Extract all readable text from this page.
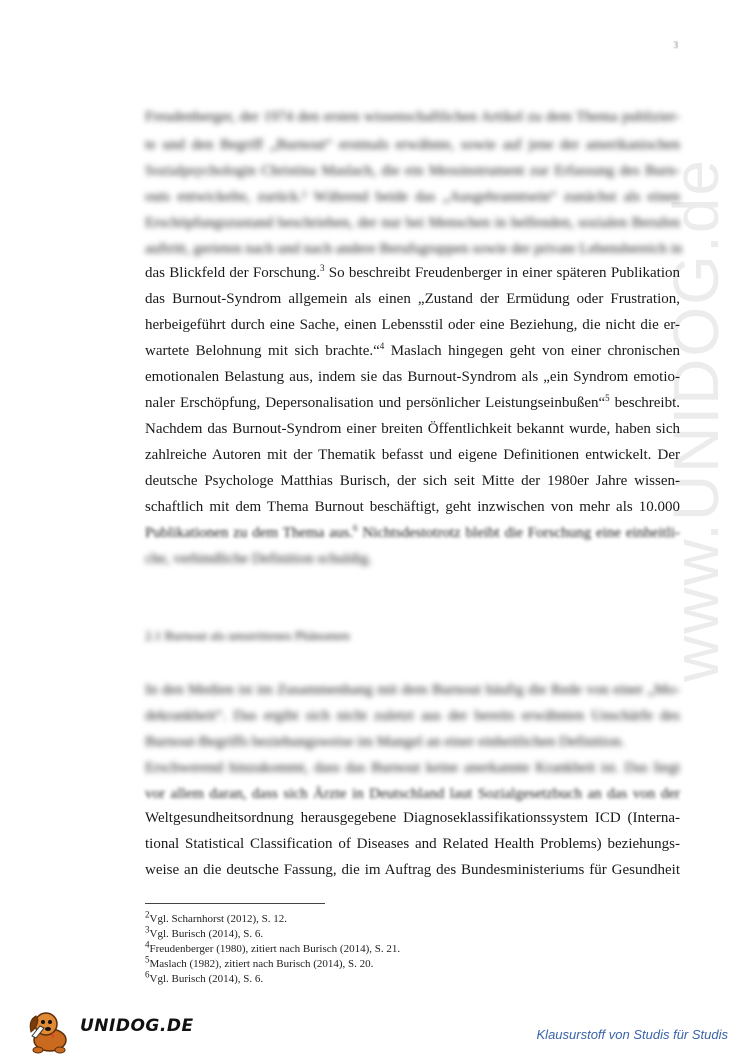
3
www.UNIDOG.de
Freudenberger, der 1974 den ersten wissenschaftlichen Artikel zu dem Thema publizier-
te und den Begriff „Burnout“ erstmals erwähnte, sowie auf jene der amerikanischen
Sozialpsychologin Christina Maslach, die ein Messinstrument zur Erfassung des Burn-
outs entwickelte, zurück.² Während beide das „Ausgebranntsein“ zunächst als einen
Erschöpfungszustand beschrieben, der nur bei Menschen in helfenden, sozialen Berufen
auftritt, gerieten nach und nach andere Berufsgruppen sowie der private Lebensbereich in
das Blickfeld der Forschung.$^3$ So beschreibt Freudenberger in einer späteren Publikation
das Burnout-Syndrom allgemein als einen „Zustand der Ermüdung oder Frustration,
herbeigeführt durch eine Sache, einen Lebensstil oder eine Beziehung, die nicht die er-
wartete Belohnung mit sich brachte.“$^4$ Maslach hingegen geht von einer chronischen
emotionalen Belastung aus, indem sie das Burnout-Syndrom als „ein Syndrom emotio-
naler Erschöpfung, Depersonalisation und persönlicher Leistungseinbußen“$^5$ beschreibt.
Nachdem das Burnout-Syndrom einer breiten Öffentlichkeit bekannt wurde, haben sich
zahlreiche Autoren mit der Thematik befasst und eigene Definitionen entwickelt. Der
deutsche Psychologe Matthias Burisch, der sich seit Mitte der 1980er Jahre wissen-
schaftlich mit dem Thema Burnout beschäftigt, geht inzwischen von mehr als 10.000
Publikationen zu dem Thema aus.$^6$ Nichtsdestotrotz bleibt die Forschung eine einheitli-
che, verbindliche Definition schuldig.
2.1 Burnout als umstrittenes Phänomen
In den Medien ist im Zusammenhang mit dem Burnout häufig die Rede von einer „Mo-
dekrankheit“. Das ergibt sich nicht zuletzt aus der bereits erwähnten Unschärfe des
Burnout-Begriffs beziehungsweise im Mangel an einer einheitlichen Definition.
Erschwerend hinzukommt, dass das Burnout keine anerkannte Krankheit ist. Das liegt
vor allem daran, dass sich Ärzte in Deutschland laut Sozialgesetzbuch an das von der
Weltgesundheitsordnung herausgegebene Diagnoseklassifikationssystem ICD (Interna-
tional Statistical Classification of Diseases and Related Health Problems) beziehungs-
weise an die deutsche Fassung, die im Auftrag des Bundesministeriums für Gesundheit
$^2$Vgl. Scharnhorst (2012), S. 12.
$^3$Vgl. Burisch (2014), S. 6.
$^4$Freudenberger (1980), zitiert nach Burisch (2014), S. 21.
$^5$Maslach (1982), zitiert nach Burisch (2014), S. 20.
$^6$Vgl. Burisch (2014), S. 6.
UNIDOG.DE	Klausurstoff von Studis für Studis
